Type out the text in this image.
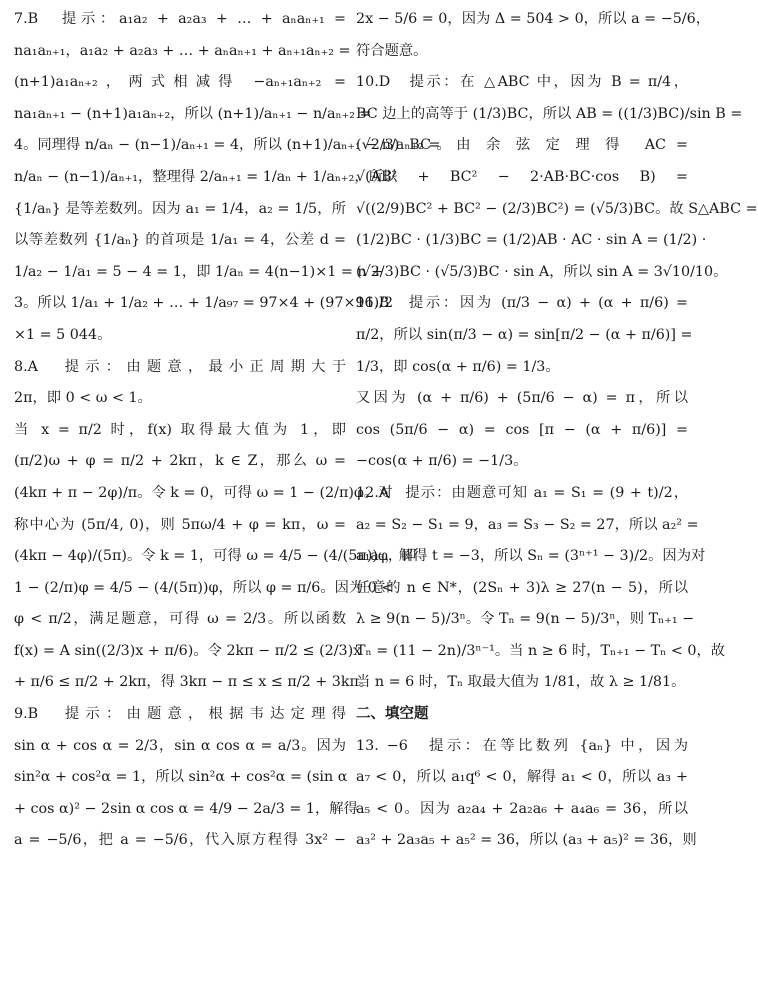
7.B　提示：a₁a₂ + a₂a₃ + … + aₙaₙ₊₁ =

na₁aₙ₊₁，a₁a₂ + a₂a₃ + … + aₙaₙ₊₁ + aₙ₊₁aₙ₊₂ =

(n+1)a₁aₙ₊₂，两式相减得 −aₙ₊₁aₙ₊₂ =

na₁aₙ₊₁ − (n+1)a₁aₙ₊₂，所以 (n+1)/aₙ₊₁ − n/aₙ₊₂ =

4。同理得 n/aₙ − (n−1)/aₙ₊₁ = 4，所以 (n+1)/aₙ₊₁ − n/aₙ₊₂ =

n/aₙ − (n−1)/aₙ₊₁，整理得 2/aₙ₊₁ = 1/aₙ + 1/aₙ₊₂，所以

{1/aₙ} 是等差数列。因为 a₁ = 1/4，a₂ = 1/5，所

以等差数列 {1/aₙ} 的首项是 1/a₁ = 4，公差 d =

1/a₂ − 1/a₁ = 5 − 4 = 1，即 1/aₙ = 4(n−1)×1 = n +

3。所以 1/a₁ + 1/a₂ + … + 1/a₉₇ = 97×4 + (97×96)/2

×1 = 5 044。

8.A　提示：由题意，最小正周期大于

2π，即 0 < ω < 1。

当 x = π/2 时，f(x) 取得最大值为 1，即

(π/2)ω + φ = π/2 + 2kπ，k ∈ Z，那么 ω =

(4kπ + π − 2φ)/π。令 k = 0，可得 ω = 1 − (2/π)φ。对

称中心为 (5π/4, 0)，则 5πω/4 + φ = kπ，ω =

(4kπ − 4φ)/(5π)。令 k = 1，可得 ω = 4/5 − (4/(5π))φ，即

1 − (2/π)φ = 4/5 − (4/(5π))φ，所以 φ = π/6。因为 0 <

φ < π/2，满足题意，可得 ω = 2/3。所以函数

f(x) = A sin((2/3)x + π/6)。令 2kπ − π/2 ≤ (2/3)x

+ π/6 ≤ π/2 + 2kπ，得 3kπ − π ≤ x ≤ π/2 + 3kπ。

9.B　提示：由题意，根据韦达定理得

sin α + cos α = 2/3，sin α cos α = a/3。因为

sin²α + cos²α = 1，所以 sin²α + cos²α = (sin α

+ cos α)² − 2sin α cos α = 4/9 − 2a/3 = 1，解得

a = −5/6，把 a = −5/6，代入原方程得 3x² −

2x − 5/6 = 0，因为 Δ = 504 > 0，所以 a = −5/6，

符合题意。

10.D　提示：在 △ABC 中，因为 B = π/4，

BC 边上的高等于 (1/3)BC，所以 AB = ((1/3)BC)/sin B =

(√2/3) BC。由 余 弦 定 理 得　AC =

√(AB² + BC² − 2·AB·BC·cos B) =

√((2/9)BC² + BC² − (2/3)BC²) = (√5/3)BC。故 S△ABC =

(1/2)BC · (1/3)BC = (1/2)AB · AC · sin A = (1/2) ·

(√2/3)BC · (√5/3)BC · sin A，所以 sin A = 3√10/10。

11.B　提示：因为 (π/3 − α) + (α + π/6) =

π/2，所以 sin(π/3 − α) = sin[π/2 − (α + π/6)] =

1/3，即 cos(α + π/6) = 1/3。

又因为 (α + π/6) + (5π/6 − α) = π，所以

cos (5π/6 − α) = cos [π − (α + π/6)] =

−cos(α + π/6) = −1/3。

12.A　提示：由题意可知 a₁ = S₁ = (9 + t)/2，

a₂ = S₂ − S₁ = 9，a₃ = S₃ − S₂ = 27，所以 a₂² =

a₁a₃，解得 t = −3，所以 Sₙ = (3ⁿ⁺¹ − 3)/2。因为对

任意的 n ∈ N*，(2Sₙ + 3)λ ≥ 27(n − 5)，所以

λ ≥ 9(n − 5)/3ⁿ。令 Tₙ = 9(n − 5)/3ⁿ，则 Tₙ₊₁ −

Tₙ = (11 − 2n)/3ⁿ⁻¹。当 n ≥ 6 时，Tₙ₊₁ − Tₙ < 0，故

当 n = 6 时，Tₙ 取最大值为 1/81，故 λ ≥ 1/81。

二、填空题

13. −6　提示：在等比数列 {aₙ} 中，因为

a₇ < 0，所以 a₁q⁶ < 0，解得 a₁ < 0，所以 a₃ +

a₅ < 0。因为 a₂a₄ + 2a₂a₆ + a₄a₆ = 36，所以

a₃² + 2a₃a₅ + a₅² = 36，所以 (a₃ + a₅)² = 36，则
